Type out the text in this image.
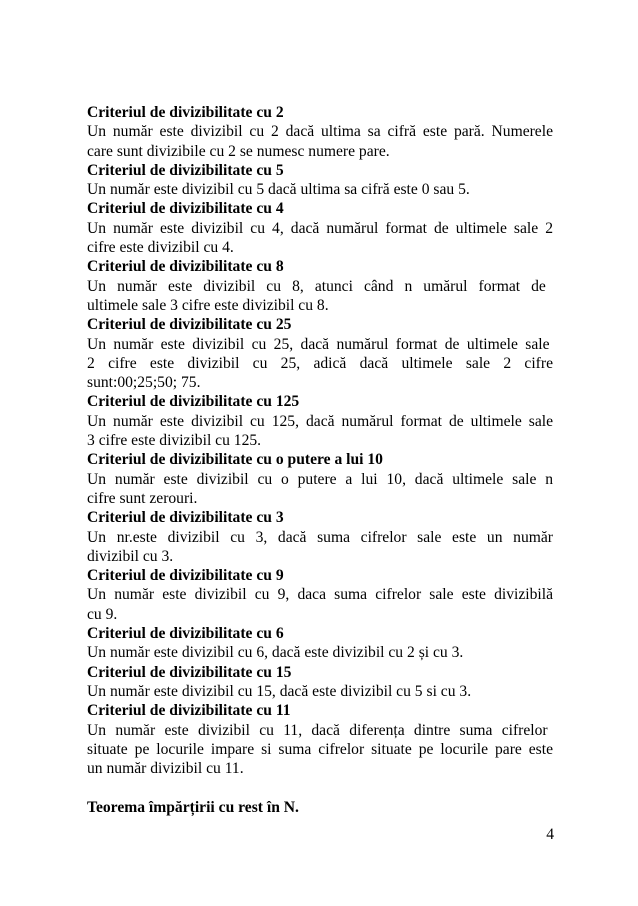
Criteriul de divizibilitate cu 2
Un număr este divizibil cu 2 dacă ultima sa cifră este pară. Numerele
care sunt divizibile cu 2 se numesc numere pare.
Criteriul de divizibilitate cu 5
Un număr este divizibil cu 5 dacă ultima sa cifră este 0 sau 5.
Criteriul de divizibilitate cu 4
Un număr este divizibil cu 4, dacă numărul format de ultimele sale 2
cifre este divizibil cu 4.
Criteriul de divizibilitate cu 8
Un număr este divizibil cu 8, atunci când n umărul format de
ultimele sale 3 cifre este divizibil cu 8.
Criteriul de divizibilitate cu 25
Un număr este divizibil cu 25, dacă numărul format de ultimele sale
2 cifre este divizibil cu 25, adică dacă ultimele sale 2 cifre
sunt:00;25;50; 75.
Criteriul de divizibilitate cu 125
Un număr este divizibil cu 125, dacă numărul format de ultimele sale
3 cifre este divizibil cu 125.
Criteriul de divizibilitate cu o putere a lui 10
Un număr este divizibil cu o putere a lui 10, dacă ultimele sale n
cifre sunt zerouri.
Criteriul de divizibilitate cu 3
Un nr.este divizibil cu 3, dacă suma cifrelor sale este un număr
divizibil cu 3.
Criteriul de divizibilitate cu 9
Un număr este divizibil cu 9, daca suma cifrelor sale este divizibilă
cu 9.
Criteriul de divizibilitate cu 6
Un număr este divizibil cu 6, dacă este divizibil cu 2 și cu 3.
Criteriul de divizibilitate cu 15
Un număr este divizibil cu 15, dacă este divizibil cu 5 si cu 3.
Criteriul de divizibilitate cu 11
Un număr este divizibil cu 11, dacă diferența dintre suma cifrelor
situate pe locurile impare si suma cifrelor situate pe locurile pare este
un număr divizibil cu 11.
Teorema împărțirii cu rest în N.
4
